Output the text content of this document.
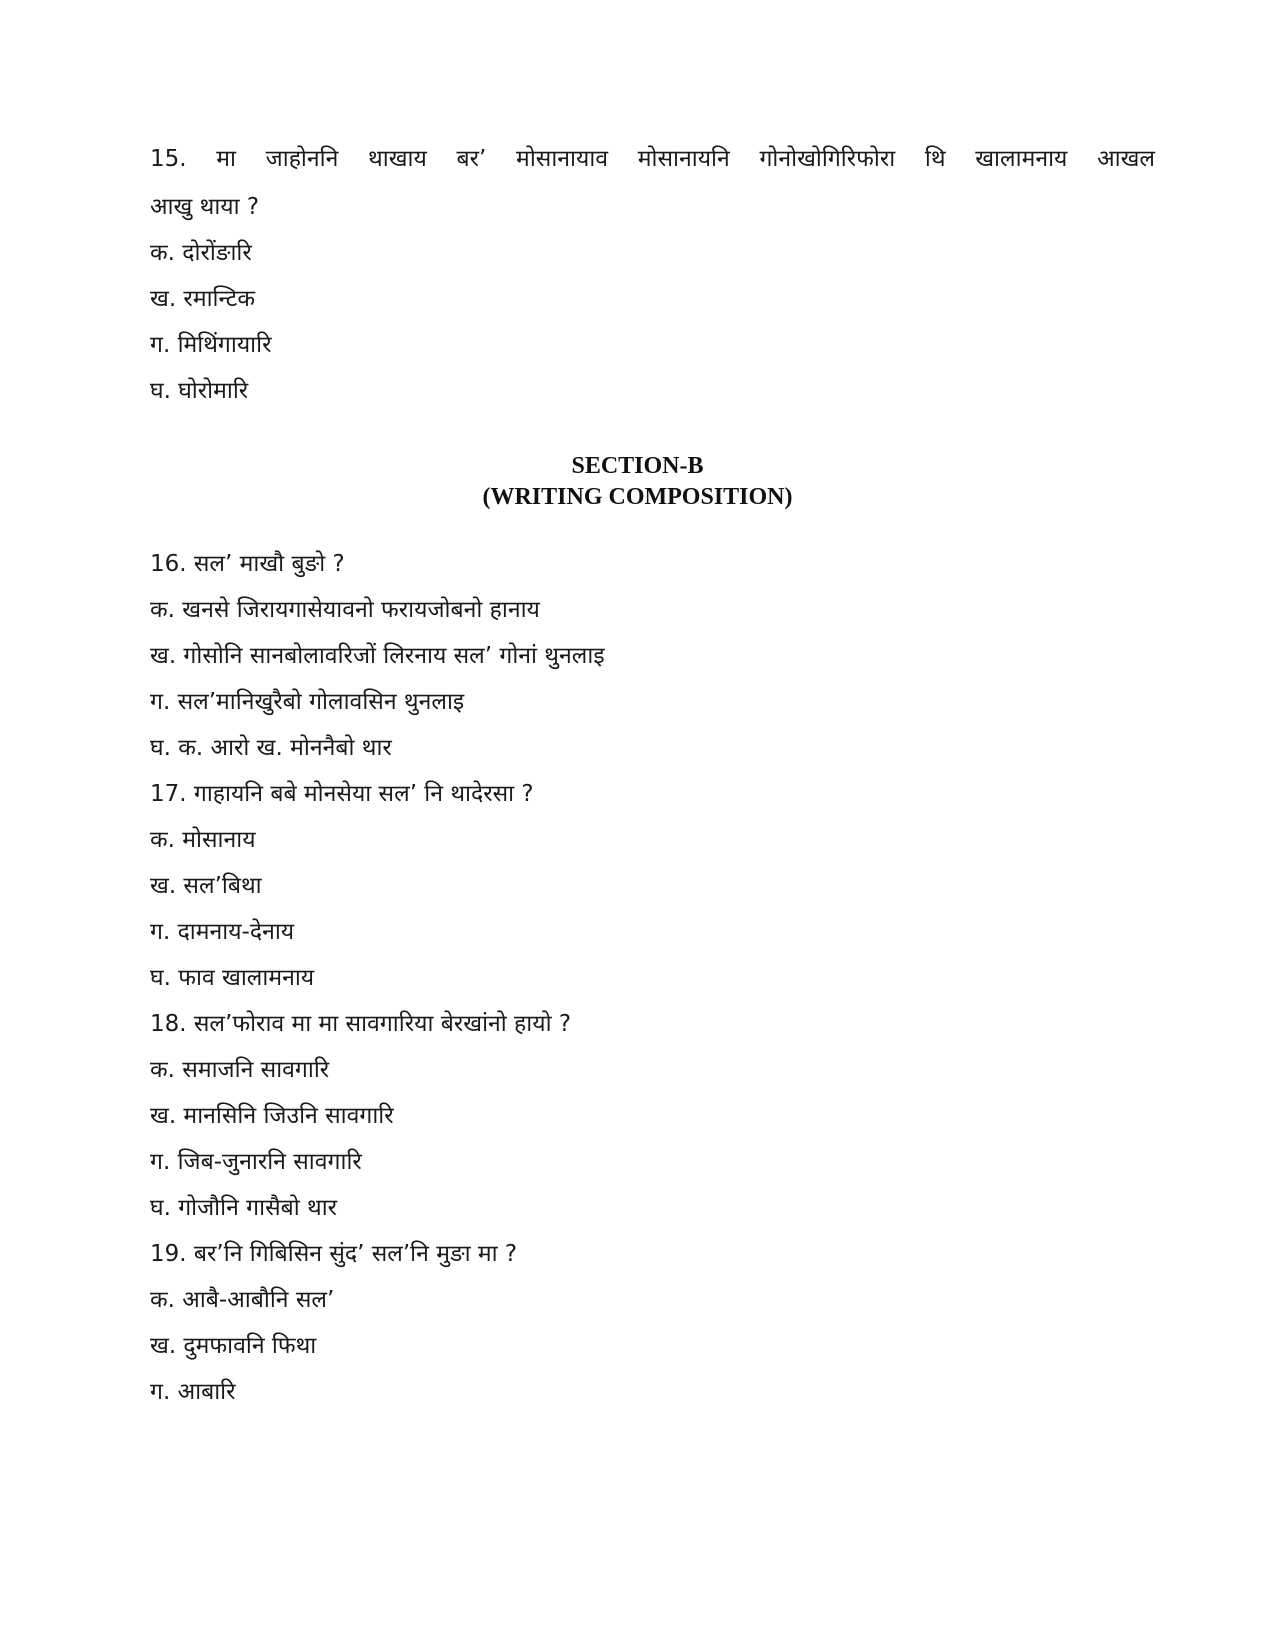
15. मा जाहोननि थाखाय बर’ मोसानायाव मोसानायनि गोनोखोगिरिफोरा थि खालामनाय आखल
आखु थाया ?
क. दोरोंङारि
ख. रमान्टिक
ग. मिथिंगायारि
घ. घोरोमारि
SECTION-B
(WRITING COMPOSITION)
16. सल’ माखौ बुङो ?
क. खनसे जिरायगासेयावनो फरायजोबनो हानाय
ख. गोसोनि सानबोलावरिजों लिरनाय सल’ गोनां थुनलाइ
ग. सल’मानिखुरैबो गोलावसिन थुनलाइ
घ. क. आरो ख. मोननैबो थार
17. गाहायनि बबे मोनसेया सल’ नि थादेरसा ?
क. मोसानाय
ख. सल’बिथा
ग. दामनाय-देनाय
घ. फाव खालामनाय
18. सल’फोराव मा मा सावगारिया बेरखांनो हायो ?
क. समाजनि सावगारि
ख. मानसिनि जिउनि सावगारि
ग. जिब-जुनारनि सावगारि
घ. गोजौनि गासैबो थार
19. बर’नि गिबिसिन सुंद’ सल’नि मुङा मा ?
क. आबै-आबौनि सल’
ख. दुमफावनि फिथा
ग. आबारि
